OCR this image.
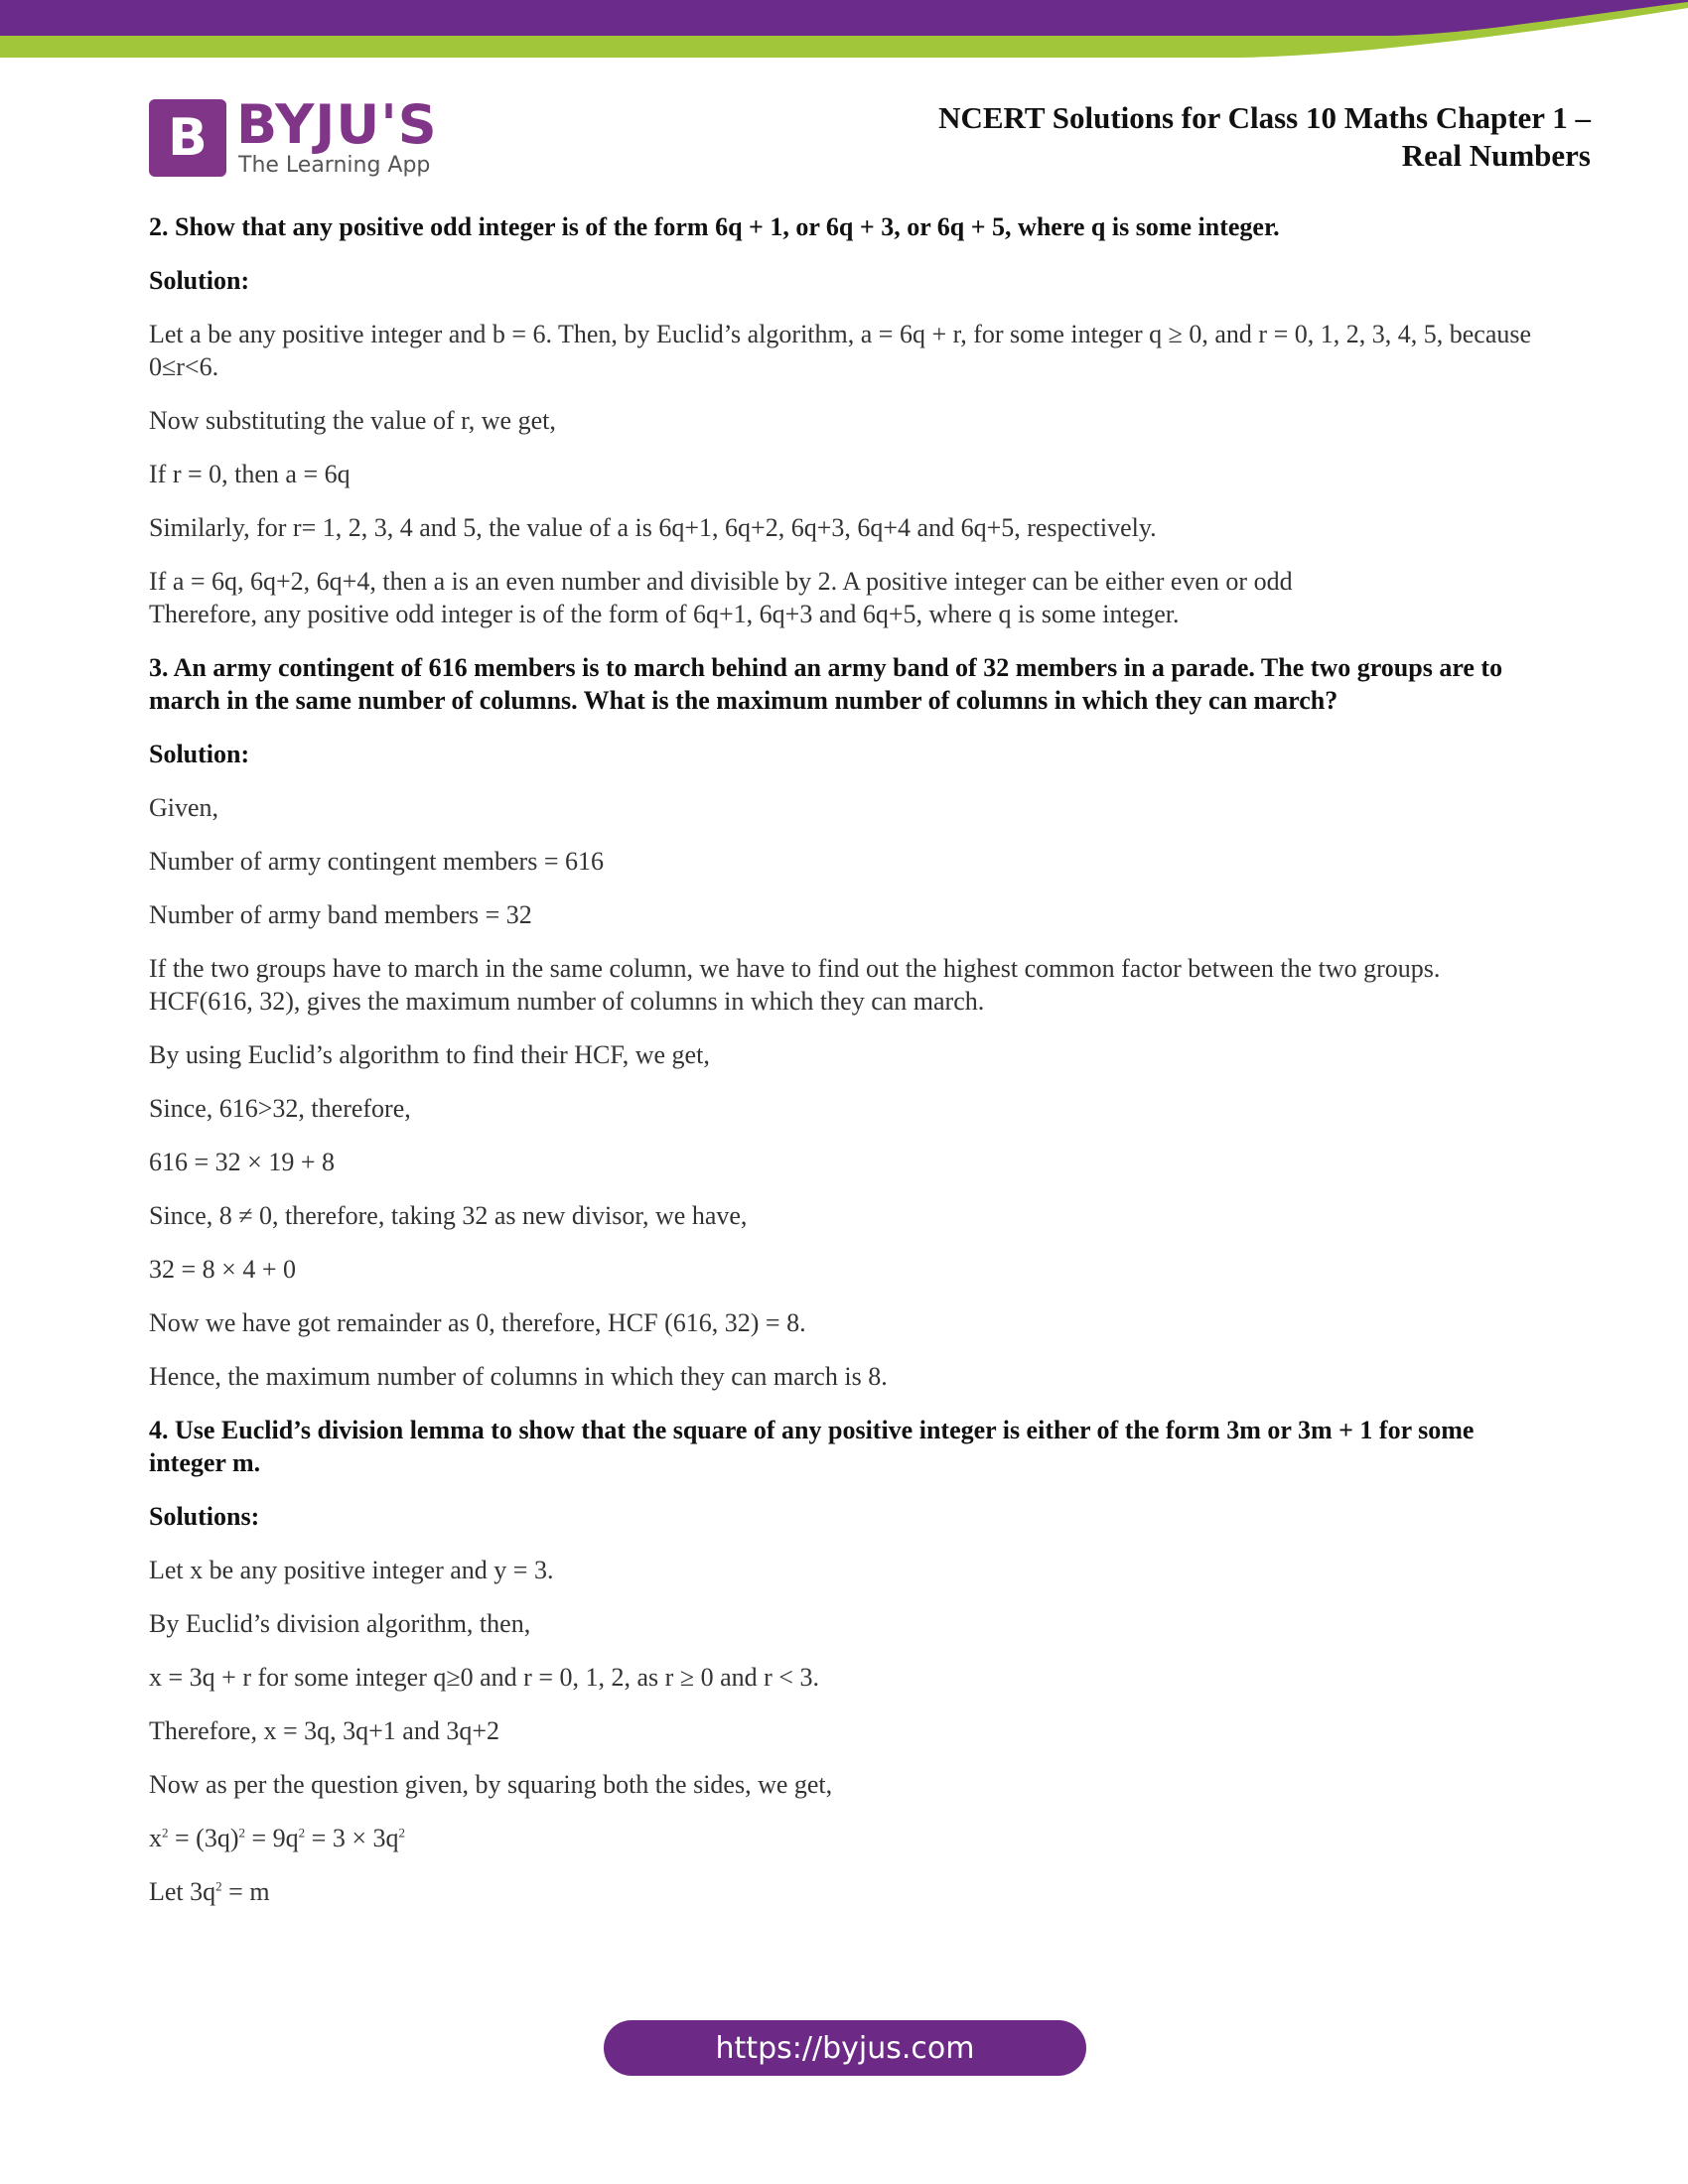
B BYJU'S
The Learning App
NCERT Solutions for Class 10 Maths Chapter 1 –
Real Numbers

2. Show that any positive odd integer is of the form 6q + 1, or 6q + 3, or 6q + 5, where q is some integer.

Solution:

Let a be any positive integer and b = 6. Then, by Euclid’s algorithm, a = 6q + r, for some integer q ≥ 0, and r = 0, 1, 2, 3, 4, 5, because 0≤r<6.

Now substituting the value of r, we get,

If r = 0, then a = 6q

Similarly, for r= 1, 2, 3, 4 and 5, the value of a is 6q+1, 6q+2, 6q+3, 6q+4 and 6q+5, respectively.

If a = 6q, 6q+2, 6q+4, then a is an even number and divisible by 2. A positive integer can be either even or odd
Therefore, any positive odd integer is of the form of 6q+1, 6q+3 and 6q+5, where q is some integer.

3. An army contingent of 616 members is to march behind an army band of 32 members in a parade. The two groups are to march in the same number of columns. What is the maximum number of columns in which they can march?

Solution:

Given,

Number of army contingent members = 616

Number of army band members = 32

If the two groups have to march in the same column, we have to find out the highest common factor between the two groups. HCF(616, 32), gives the maximum number of columns in which they can march.

By using Euclid’s algorithm to find their HCF, we get,

Since, 616>32, therefore,

616 = 32 × 19 + 8

Since, 8 ≠ 0, therefore, taking 32 as new divisor, we have,

32 = 8 × 4 + 0

Now we have got remainder as 0, therefore, HCF (616, 32) = 8.

Hence, the maximum number of columns in which they can march is 8.

4. Use Euclid’s division lemma to show that the square of any positive integer is either of the form 3m or 3m + 1 for some integer m.

Solutions:

Let x be any positive integer and y = 3.

By Euclid’s division algorithm, then,

x = 3q + r for some integer q≥0 and r = 0, 1, 2, as r ≥ 0 and r < 3.

Therefore, x = 3q, 3q+1 and 3q+2

Now as per the question given, by squaring both the sides, we get,

$x^2 = (3q)^2 = 9q^2 = 3 \times 3q^2$

Let $3q^2 = m$

https://byjus.com
